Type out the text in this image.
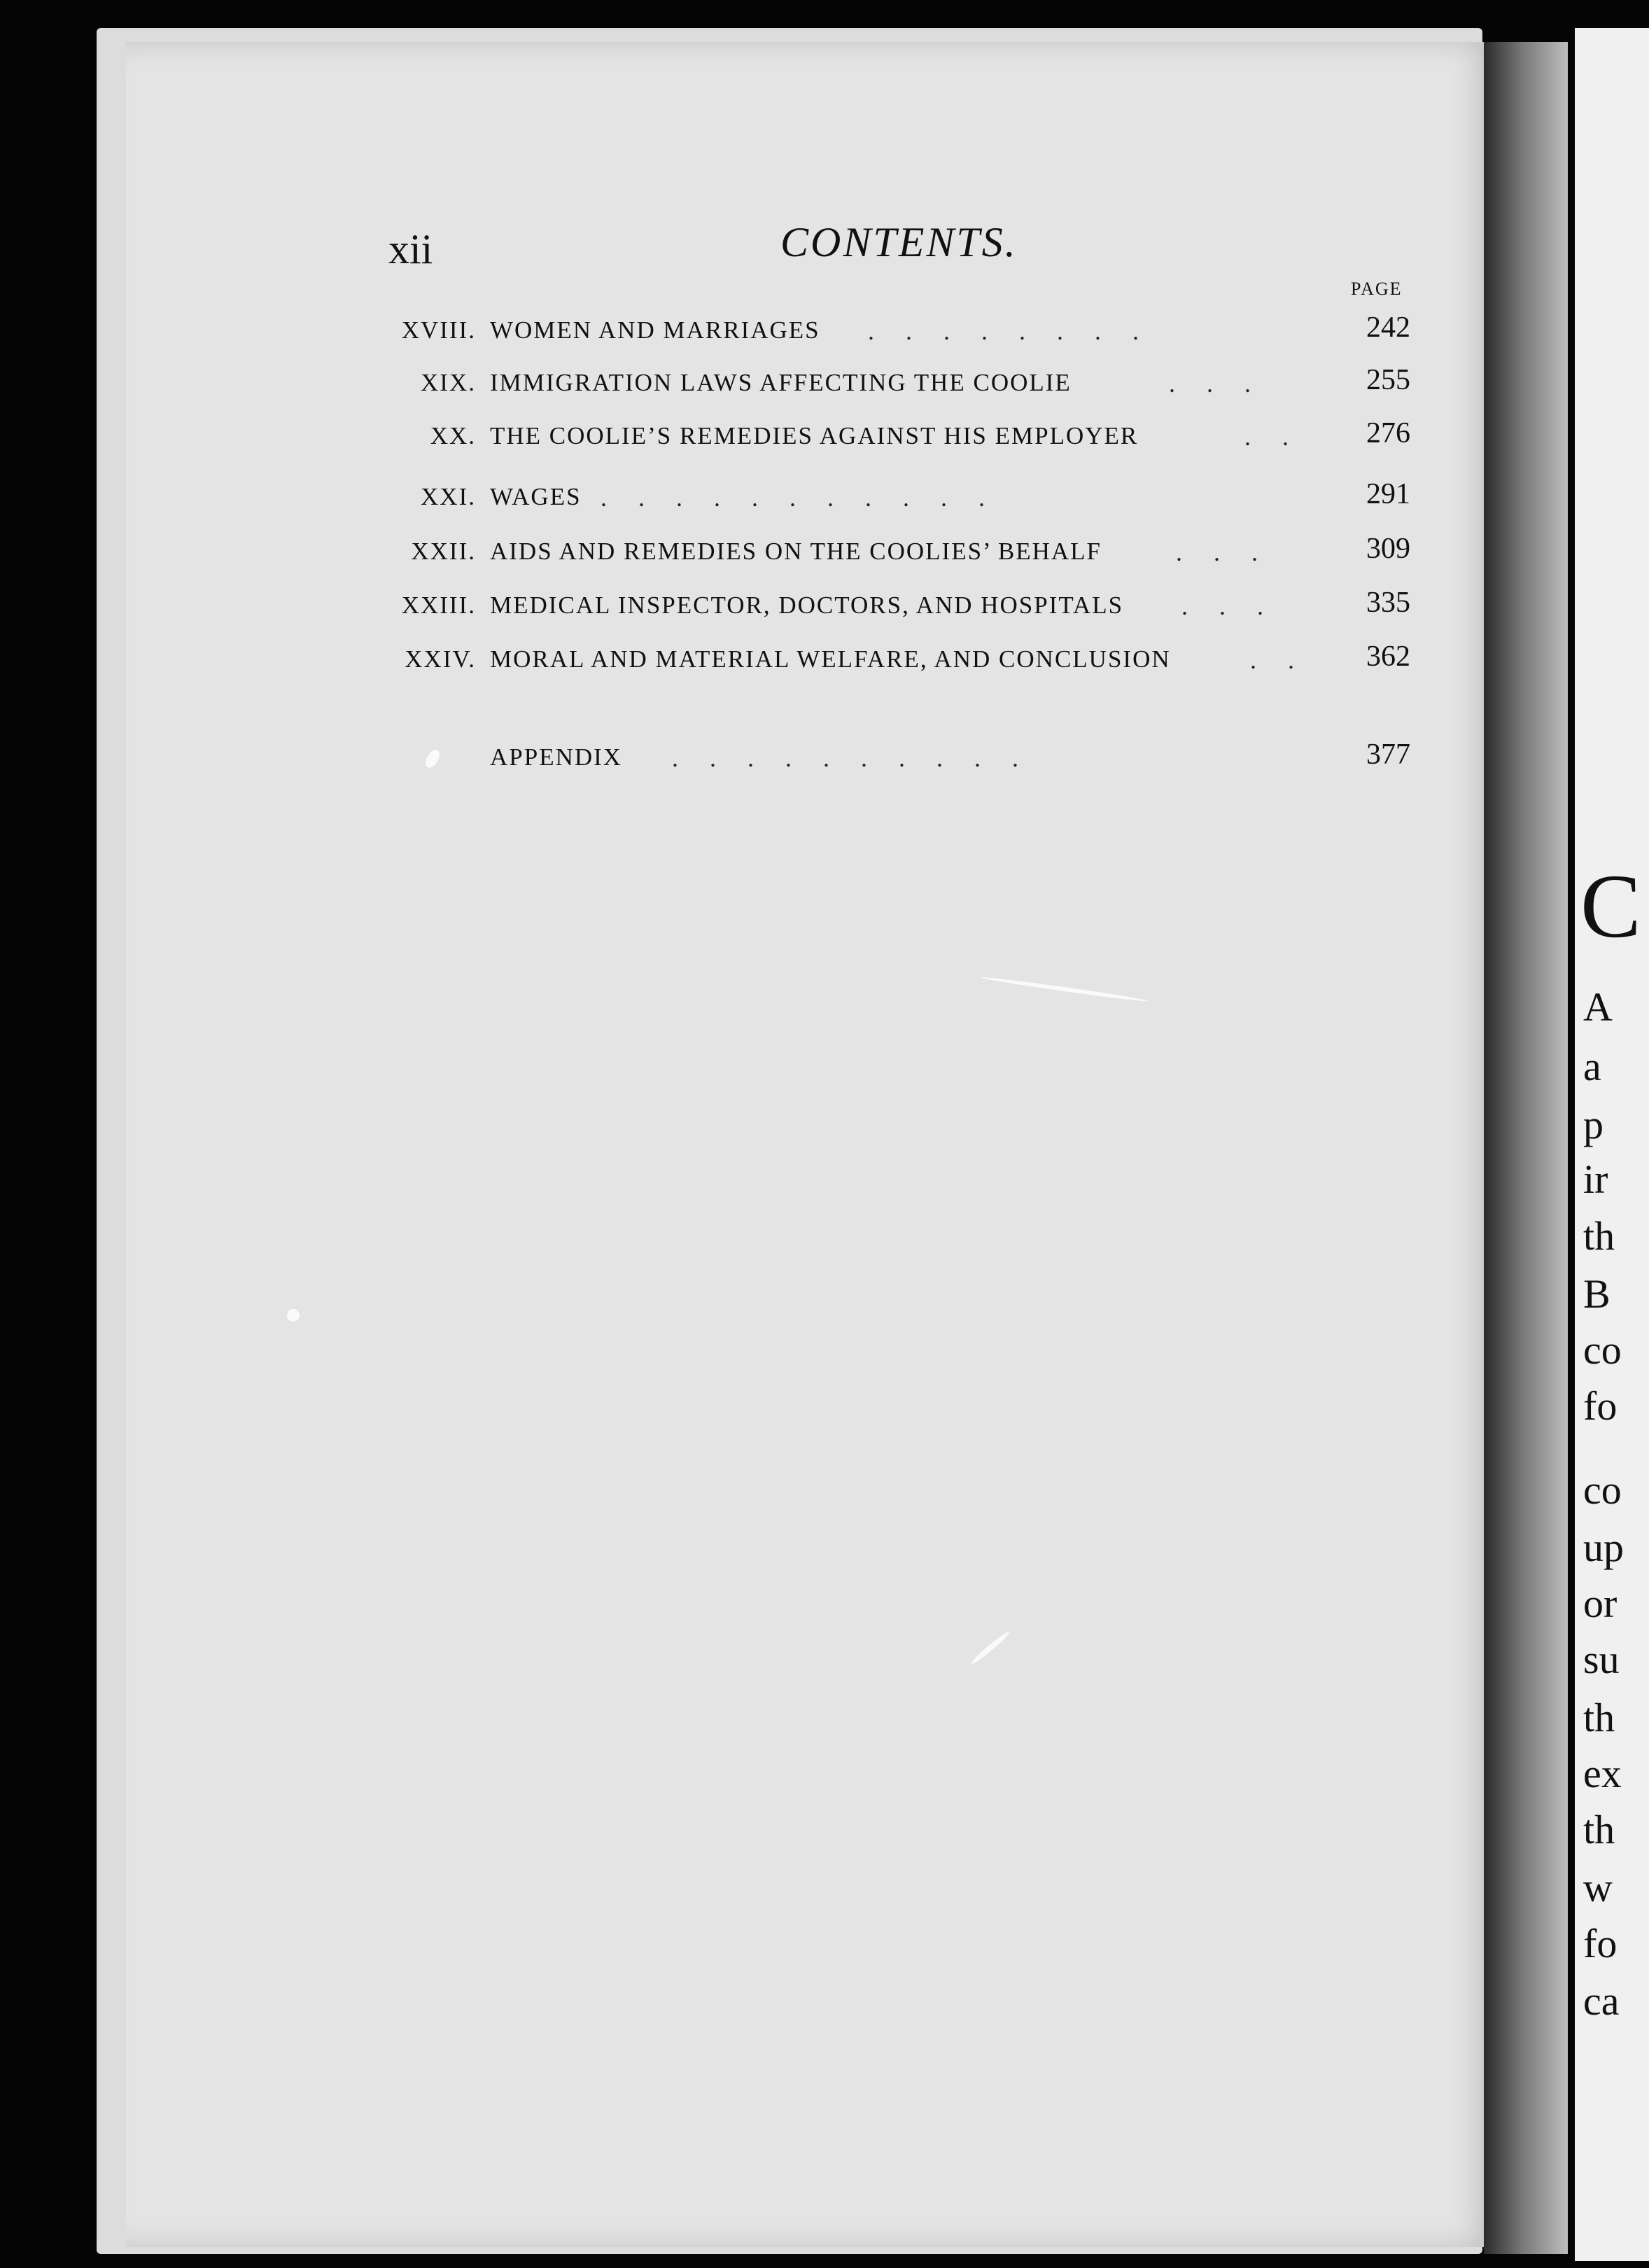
C
A
a
p
ir
th
B
co
fo
co
up
or
su
th
ex
th
w
fo
ca
xii	CONTENTS.
PAGE
XVIII. WOMEN AND MARRIAGES . . . . . . . .	242
XIX. IMMIGRATION LAWS AFFECTING THE COOLIE	. . .	255
XX. THE COOLIE’S REMEDIES AGAINST HIS EMPLOYER	. . 276
XXI. WAGES . . . . . . . . . . .	291
XXII. AIDS AND REMEDIES ON THE COOLIES’ BEHALF	. . .	309
XXIII. MEDICAL INSPECTOR, DOCTORS, AND HOSPITALS . . .	335
XXIV. MORAL AND MATERIAL WELFARE, AND CONCLUSION	. . 362
APPENDIX . . . . . . . . . .	377
